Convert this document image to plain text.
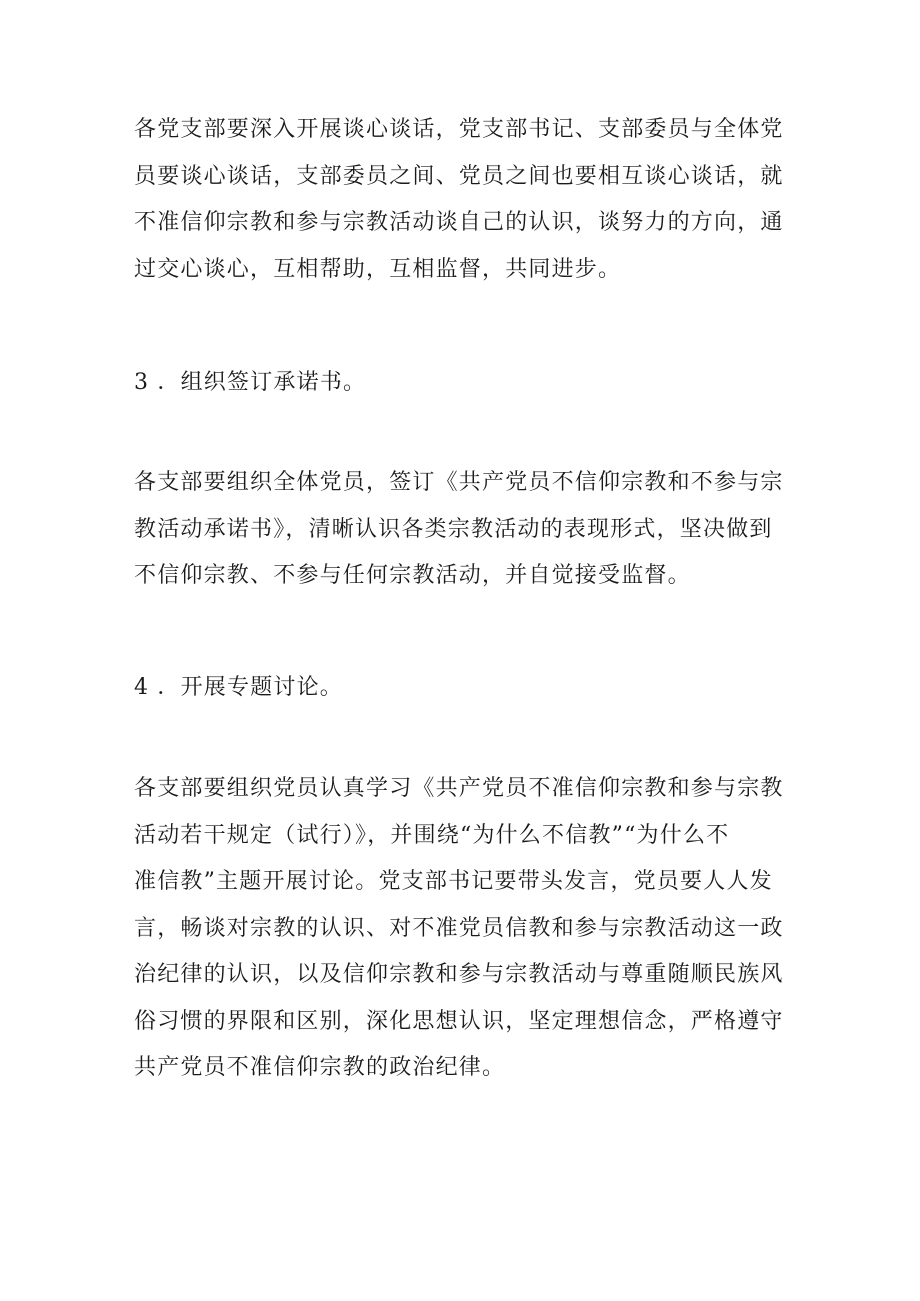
各党支部要深入开展谈心谈话，党支部书记、支部委员与全体党
员要谈心谈话，支部委员之间、党员之间也要相互谈心谈话，就
不准信仰宗教和参与宗教活动谈自己的认识，谈努力的方向，通
过交心谈心，互相帮助，互相监督，共同进步。
3 ．组织签订承诺书。
各支部要组织全体党员，签订《共产党员不信仰宗教和不参与宗
教活动承诺书》，清晰认识各类宗教活动的表现形式，坚决做到
不信仰宗教、不参与任何宗教活动，并自觉接受监督。
4 ．开展专题讨论。
各支部要组织党员认真学习《共产党员不准信仰宗教和参与宗教
活动若干规定（试行）》，并围绕“为什么不信教”“为什么不
准信教”主题开展讨论。党支部书记要带头发言，党员要人人发
言，畅谈对宗教的认识、对不准党员信教和参与宗教活动这一政
治纪律的认识，以及信仰宗教和参与宗教活动与尊重随顺民族风
俗习惯的界限和区别，深化思想认识，坚定理想信念，严格遵守
共产党员不准信仰宗教的政治纪律。
